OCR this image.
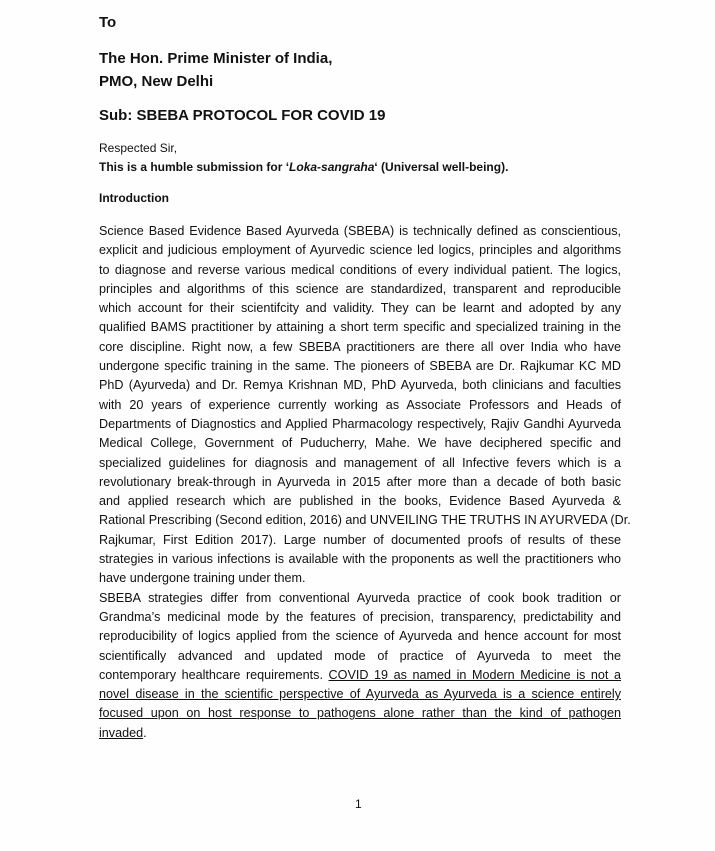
To
The Hon. Prime Minister of India,
PMO, New Delhi
Sub: SBEBA PROTOCOL FOR COVID 19
Respected Sir,
This is a humble submission for ‘Loka-sangraha‘ (Universal well-being).
Introduction
Science Based Evidence Based Ayurveda (SBEBA) is technically defined as conscientious,
explicit and judicious employment of Ayurvedic science led logics, principles and algorithms
to diagnose and reverse various medical conditions of every individual patient. The logics,
principles and algorithms of this science are standardized, transparent and reproducible
which account for their scientifcity and validity. They can be learnt and adopted by any
qualified BAMS practitioner by attaining a short term specific and specialized training in the
core discipline. Right now, a few SBEBA practitioners are there all over India who have
undergone specific training in the same. The pioneers of SBEBA are Dr. Rajkumar KC MD
PhD (Ayurveda) and Dr. Remya Krishnan MD, PhD Ayurveda, both clinicians and faculties
with 20 years of experience currently working as Associate Professors and Heads of
Departments of Diagnostics and Applied Pharmacology respectively, Rajiv Gandhi Ayurveda
Medical College, Government of Puducherry, Mahe. We have deciphered specific and
specialized guidelines for diagnosis and management of all Infective fevers which is a
revolutionary break-through in Ayurveda in 2015 after more than a decade of both basic
and applied research which are published in the books, Evidence Based Ayurveda &
Rational Prescribing (Second edition, 2016) and UNVEILING THE TRUTHS IN AYURVEDA (Dr.
Rajkumar, First Edition 2017). Large number of documented proofs of results of these
strategies in various infections is available with the proponents as well the practitioners who
have undergone training under them.
SBEBA strategies differ from conventional Ayurveda practice of cook book tradition or
Grandma’s medicinal mode by the features of precision, transparency, predictability and
reproducibility of logics applied from the science of Ayurveda and hence account for most
scientifically advanced and updated mode of practice of Ayurveda to meet the
contemporary healthcare requirements. COVID 19 as named in Modern Medicine is not a
novel disease in the scientific perspective of Ayurveda as Ayurveda is a science entirely
focused upon on host response to pathogens alone rather than the kind of pathogen
invaded.
1
